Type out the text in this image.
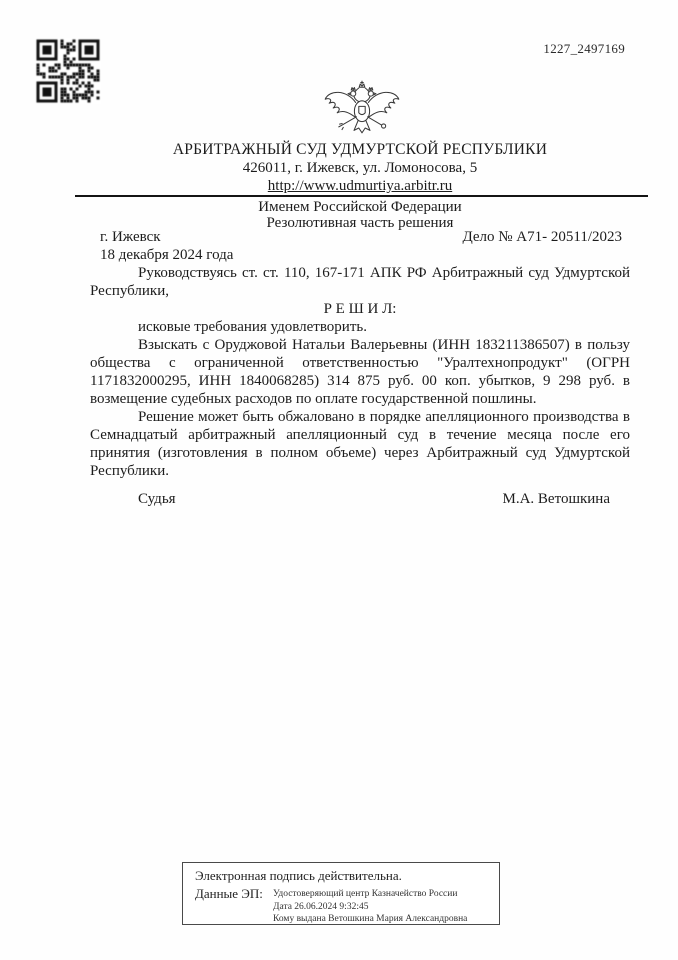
1227_2497169
АРБИТРАЖНЫЙ СУД УДМУРТСКОЙ РЕСПУБЛИКИ
426011, г. Ижевск, ул. Ломоносова, 5
http://www.udmurtiya.arbitr.ru
Именем Российской Федерации
Резолютивная часть решения
г. Ижевск	Дело № А71- 20511/2023
18 декабря 2024 года

Руководствуясь ст. ст. 110, 167-171 АПК РФ Арбитражный суд Удмуртской Республики,

Р Е Ш И Л:

исковые требования удовлетворить.

Взыскать с Оруджовой Натальи Валерьевны (ИНН 183211386507) в пользу общества с ограниченной ответственностью "Уралтехнопродукт" (ОГРН 1171832000295, ИНН 1840068285) 314 875 руб. 00 коп. убытков, 9 298 руб. в возмещение судебных расходов по оплате государственной пошлины.

Решение может быть обжаловано в порядке апелляционного производства в Семнадцатый арбитражный апелляционный суд в течение месяца после его принятия (изготовления в полном объеме) через Арбитражный суд Удмуртской Республики.

Судья	М.А. Ветошкина
Электронная подпись действительна.
Данные ЭП:	Удостоверяющий центр Казначейство России
Дата 26.06.2024 9:32:45
Кому выдана Ветошкина Мария Александровна
